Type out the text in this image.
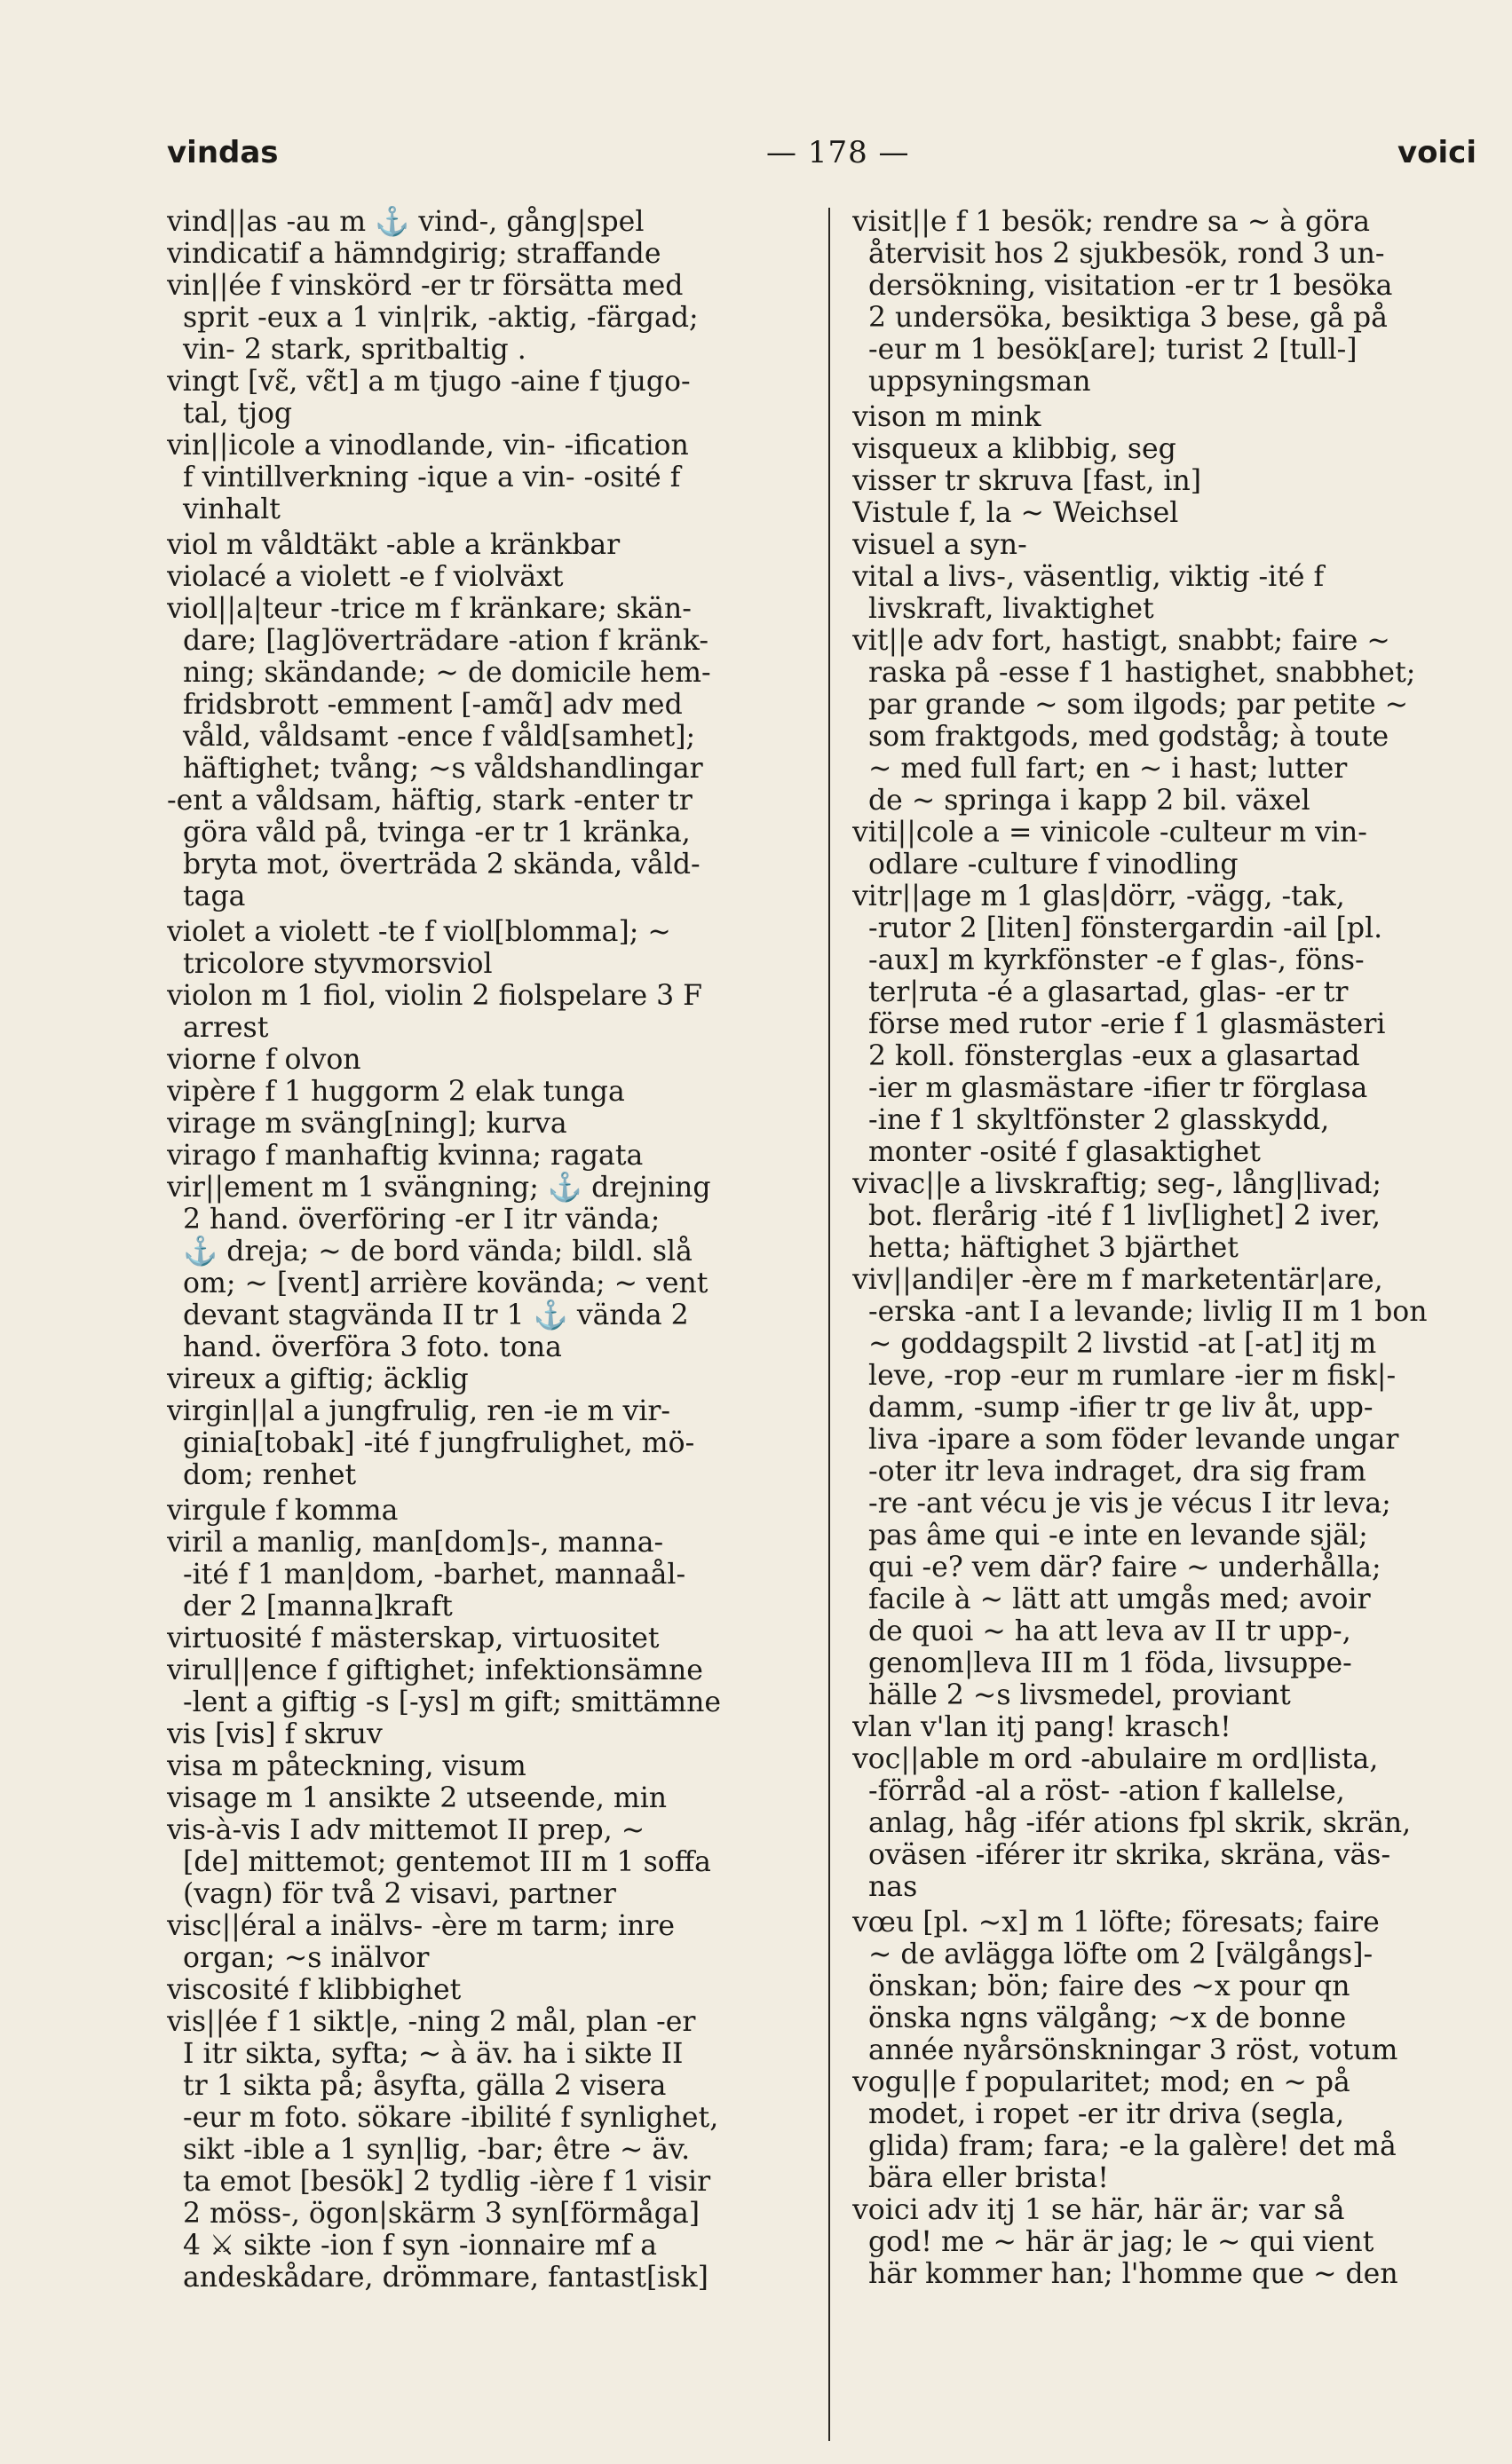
vindas	— 178 —	voici
vind||as -au m ⚓ vind-, gång|spel
vindicatif a hämndgirig; straffande
vin||ée f vinskörd -er tr försätta med
sprit -eux a 1 vin|rik, -aktig, -färgad;
vin- 2 stark, spritbaltig .
vingt [vɛ̃, vɛ̃t] a m tjugo -aine f tjugo-
tal, tjog
vin||icole a vinodlande, vin- -ification
f vintillverkning -ique a vin- -osité f
vinhalt
viol m våldtäkt -able a kränkbar
violacé a violett -e f violväxt
viol||a|teur -trice m f kränkare; skän-
dare; [lag]överträdare -ation f kränk-
ning; skändande; ~ de domicile hem-
fridsbrott -emment [-amɑ̃] adv med
våld, våldsamt -ence f våld[samhet];
häftighet; tvång; ~s våldshandlingar
-ent a våldsam, häftig, stark -enter tr
göra våld på, tvinga -er tr 1 kränka,
bryta mot, överträda 2 skända, våld-
taga
violet a violett -te f viol[blomma]; ~
tricolore styvmorsviol
violon m 1 fiol, violin 2 fiolspelare 3 F
arrest
viorne f olvon
vipère f 1 huggorm 2 elak tunga
virage m sväng[ning]; kurva
virago f manhaftig kvinna; ragata
vir||ement m 1 svängning; ⚓ drejning
2 hand. överföring -er I itr vända;
⚓ dreja; ~ de bord vända; bildl. slå
om; ~ [vent] arrière kovända; ~ vent
devant stagvända II tr 1 ⚓ vända 2
hand. överföra 3 foto. tona
vireux a giftig; äcklig
virgin||al a jungfrulig, ren -ie m vir-
ginia[tobak] -ité f jungfrulighet, mö-
dom; renhet
virgule f komma
viril a manlig, man[dom]s-, manna-
-ité f 1 man|dom, -barhet, mannaål-
der 2 [manna]kraft
virtuosité f mästerskap, virtuositet
virul||ence f giftighet; infektionsämne
-lent a giftig -s [-ys] m gift; smittämne
vis [vis] f skruv
visa m påteckning, visum
visage m 1 ansikte 2 utseende, min
vis-à-vis I adv mittemot II prep, ~
[de] mittemot; gentemot III m 1 soffa
(vagn) för två 2 visavi, partner
visc||éral a inälvs- -ère m tarm; inre
organ; ~s inälvor
viscosité f klibbighet
vis||ée f 1 sikt|e, -ning 2 mål, plan -er
I itr sikta, syfta; ~ à äv. ha i sikte II
tr 1 sikta på; åsyfta, gälla 2 visera
-eur m foto. sökare -ibilité f synlighet,
sikt -ible a 1 syn|lig, -bar; être ~ äv.
ta emot [besök] 2 tydlig -ière f 1 visir
2 möss-, ögon|skärm 3 syn[förmåga]
4 ⚔ sikte -ion f syn -ionnaire mf a
andeskådare, drömmare, fantast[isk]
visit||e f 1 besök; rendre sa ~ à göra
återvisit hos 2 sjukbesök, rond 3 un-
dersökning, visitation -er tr 1 besöka
2 undersöka, besiktiga 3 bese, gå på
-eur m 1 besök[are]; turist 2 [tull-]
uppsyningsman
vison m mink
visqueux a klibbig, seg
visser tr skruva [fast, in]
Vistule f, la ~ Weichsel
visuel a syn-
vital a livs-, väsentlig, viktig -ité f
livskraft, livaktighet
vit||e adv fort, hastigt, snabbt; faire ~
raska på -esse f 1 hastighet, snabbhet;
par grande ~ som ilgods; par petite ~
som fraktgods, med godståg; à toute
~ med full fart; en ~ i hast; lutter
de ~ springa i kapp 2 bil. växel
viti||cole a = vinicole -culteur m vin-
odlare -culture f vinodling
vitr||age m 1 glas|dörr, -vägg, -tak,
-rutor 2 [liten] fönstergardin -ail [pl.
-aux] m kyrkfönster -e f glas-, föns-
ter|ruta -é a glasartad, glas- -er tr
förse med rutor -erie f 1 glasmästeri
2 koll. fönsterglas -eux a glasartad
-ier m glasmästare -ifier tr förglasa
-ine f 1 skyltfönster 2 glasskydd,
monter -osité f glasaktighet
vivac||e a livskraftig; seg-, lång|livad;
bot. flerårig -ité f 1 liv[lighet] 2 iver,
hetta; häftighet 3 bjärthet
viv||andi|er -ère m f marketentär|are,
-erska -ant I a levande; livlig II m 1 bon
~ goddagspilt 2 livstid -at [-at] itj m
leve, -rop -eur m rumlare -ier m fisk|-
damm, -sump -ifier tr ge liv åt, upp-
liva -ipare a som föder levande ungar
-oter itr leva indraget, dra sig fram
-re -ant vécu je vis je vécus I itr leva;
pas âme qui -e inte en levande själ;
qui -e? vem där? faire ~ underhålla;
facile à ~ lätt att umgås med; avoir
de quoi ~ ha att leva av II tr upp-,
genom|leva III m 1 föda, livsuppe-
hälle 2 ~s livsmedel, proviant
vlan v'lan itj pang! krasch!
voc||able m ord -abulaire m ord|lista,
-förråd -al a röst- -ation f kallelse,
anlag, håg -ifér ations fpl skrik, skrän,
oväsen -iférer itr skrika, skräna, väs-
nas
vœu [pl. ~x] m 1 löfte; föresats; faire
~ de avlägga löfte om 2 [välgångs]-
önskan; bön; faire des ~x pour qn
önska ngns välgång; ~x de bonne
année nyårsönskningar 3 röst, votum
vogu||e f popularitet; mod; en ~ på
modet, i ropet -er itr driva (segla,
glida) fram; fara; -e la galère! det må
bära eller brista!
voici adv itj 1 se här, här är; var så
god! me ~ här är jag; le ~ qui vient
här kommer han; l'homme que ~ den
